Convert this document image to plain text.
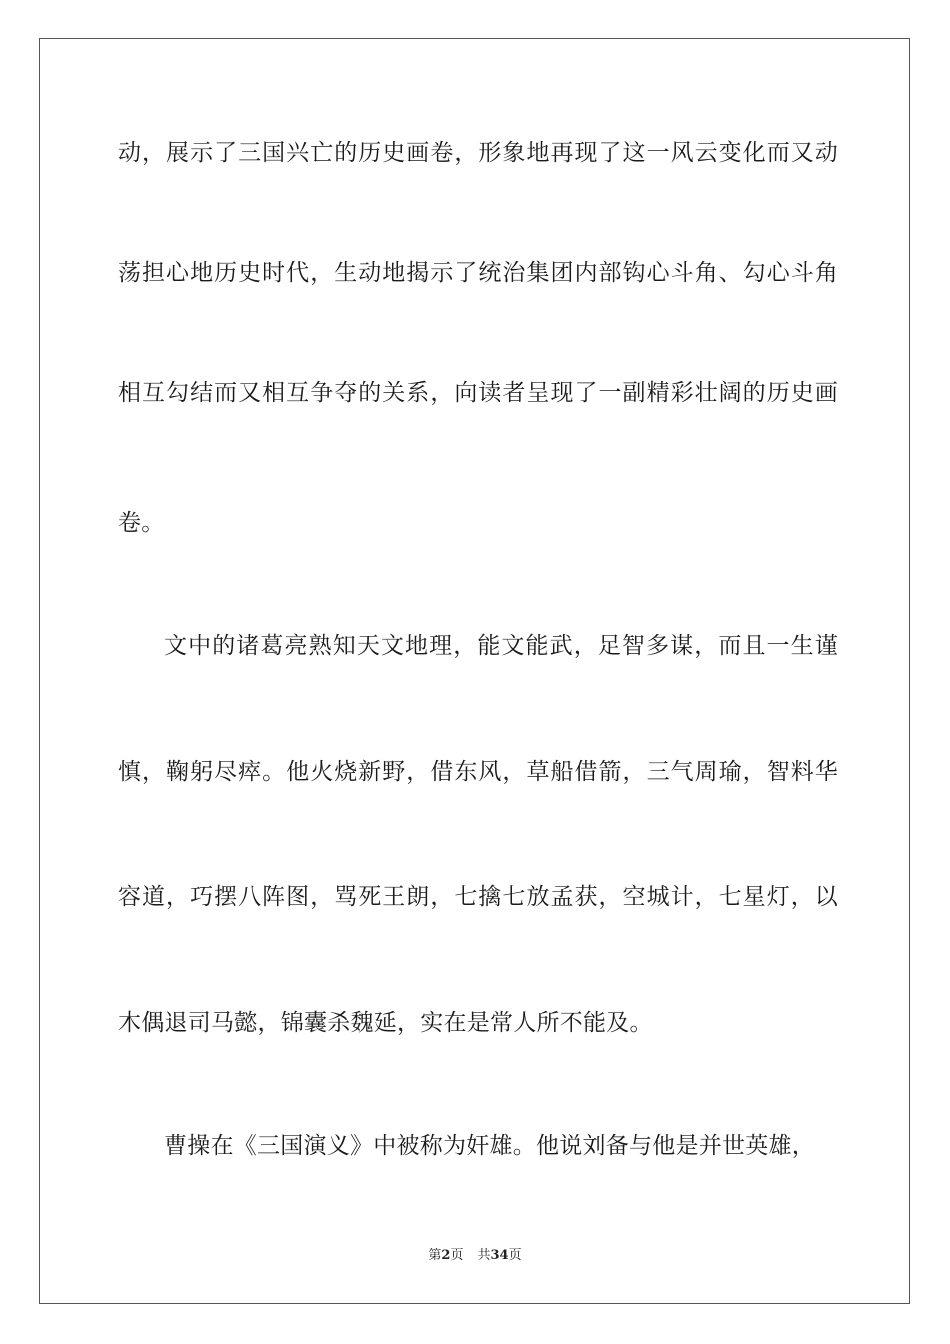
动，展示了三国兴亡的历史画卷，形象地再现了这一风云变化而又动
荡担心地历史时代，生动地揭示了统治集团内部钩心斗角、勾心斗角
相互勾结而又相互争夺的关系，向读者呈现了一副精彩壮阔的历史画
卷。
文中的诸葛亮熟知天文地理，能文能武，足智多谋，而且一生谨
慎，鞠躬尽瘁。他火烧新野，借东风，草船借箭，三气周瑜，智料华
容道，巧摆八阵图，骂死王朗，七擒七放孟获，空城计，七星灯，以
木偶退司马懿，锦囊杀魏延，实在是常人所不能及。
曹操在《三国演义》中被称为奸雄。他说刘备与他是并世英雄，
第2页 共34页
